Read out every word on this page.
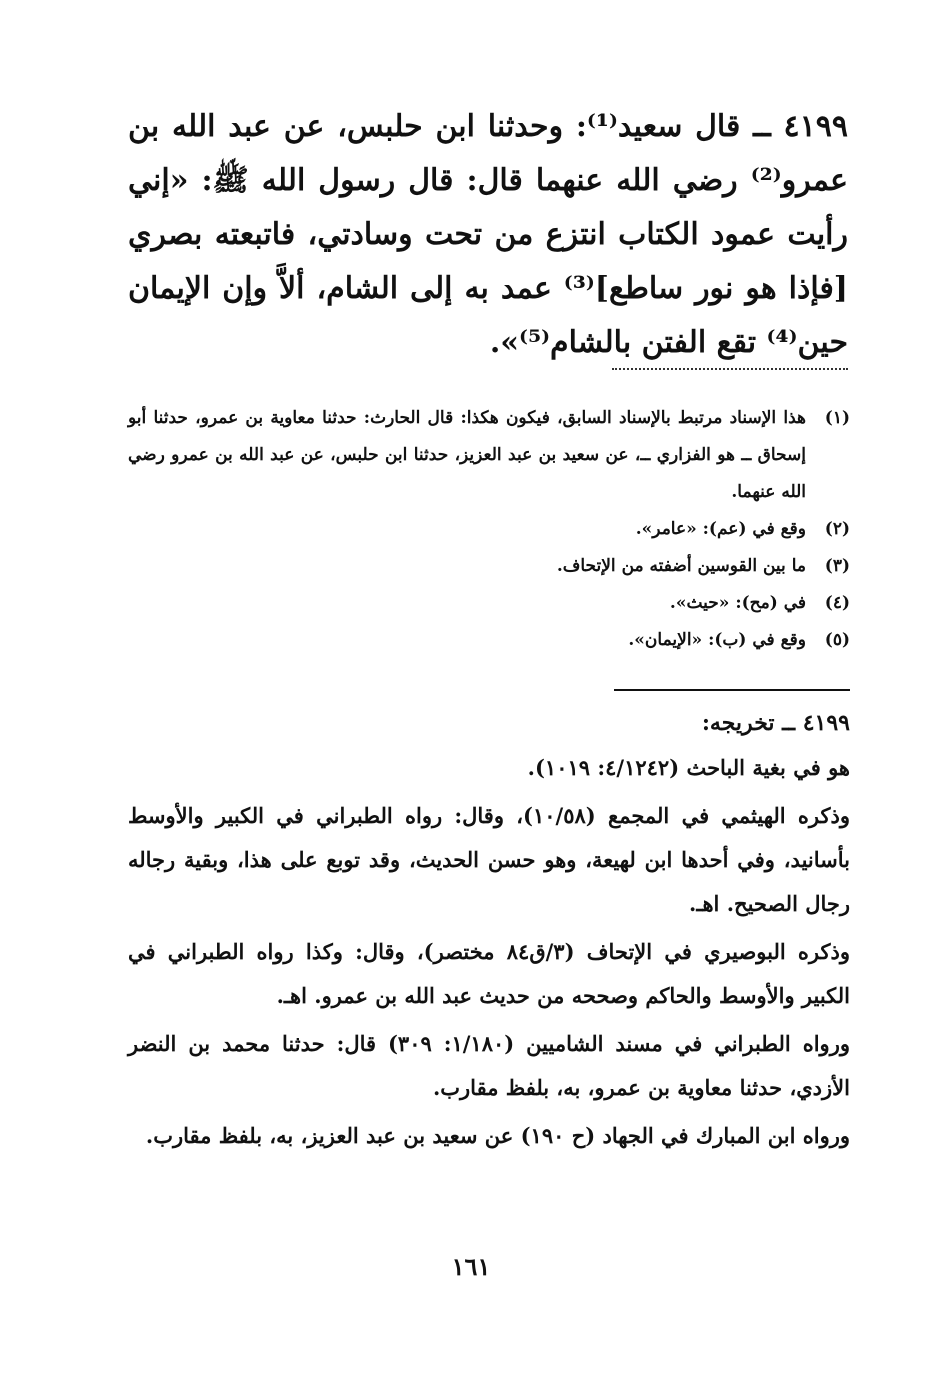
٤١٩٩ ــ قال سعيد⁽¹⁾: وحدثنا ابن حلبس، عن عبد الله بن عمرو⁽²⁾ رضي الله عنهما قال: قال رسول الله ﷺ: «إني رأيت عمود الكتاب انتزع من تحت وسادتي، فاتبعته بصري [فإذا هو نور ساطع]⁽³⁾ عمد به إلى الشام، ألاَّ وإن الإيمان حين⁽⁴⁾ تقع الفتن بالشام⁽⁵⁾».

(١)
هذا الإسناد مرتبط بالإسناد السابق، فيكون هكذا: قال الحارث: حدثنا معاوية بن عمرو، حدثنا أبو إسحاق ــ هو الفزاري ــ، عن سعيد بن عبد العزيز، حدثنا ابن حلبس، عن عبد الله بن عمرو رضي الله عنهما.
(٢)
وقع في (عم): «عامر».
(٣)
ما بين القوسين أضفته من الإتحاف.
(٤)
في (مح): «حيث».
(٥)
وقع في (ب): «الإيمان».
٤١٩٩ ــ تخريجه:

هو في بغية الباحث (٤/١٢٤٢: ١٠١٩).

وذكره الهيثمي في المجمع (١٠/٥٨)، وقال: رواه الطبراني في الكبير والأوسط بأسانيد، وفي أحدها ابن لهيعة، وهو حسن الحديث، وقد توبع على هذا، وبقية رجاله رجال الصحيح. اهـ.

وذكره البوصيري في الإتحاف (٣/ق٨٤ مختصر)، وقال: وكذا رواه الطبراني في الكبير والأوسط والحاكم وصححه من حديث عبد الله بن عمرو. اهـ.

ورواه الطبراني في مسند الشاميين (١/١٨٠: ٣٠٩) قال: حدثنا محمد بن النضر الأزدي، حدثنا معاوية بن عمرو، به، بلفظ مقارب.

ورواه ابن المبارك في الجهاد (ح ١٩٠) عن سعيد بن عبد العزيز، به، بلفظ مقارب.

١٦١
